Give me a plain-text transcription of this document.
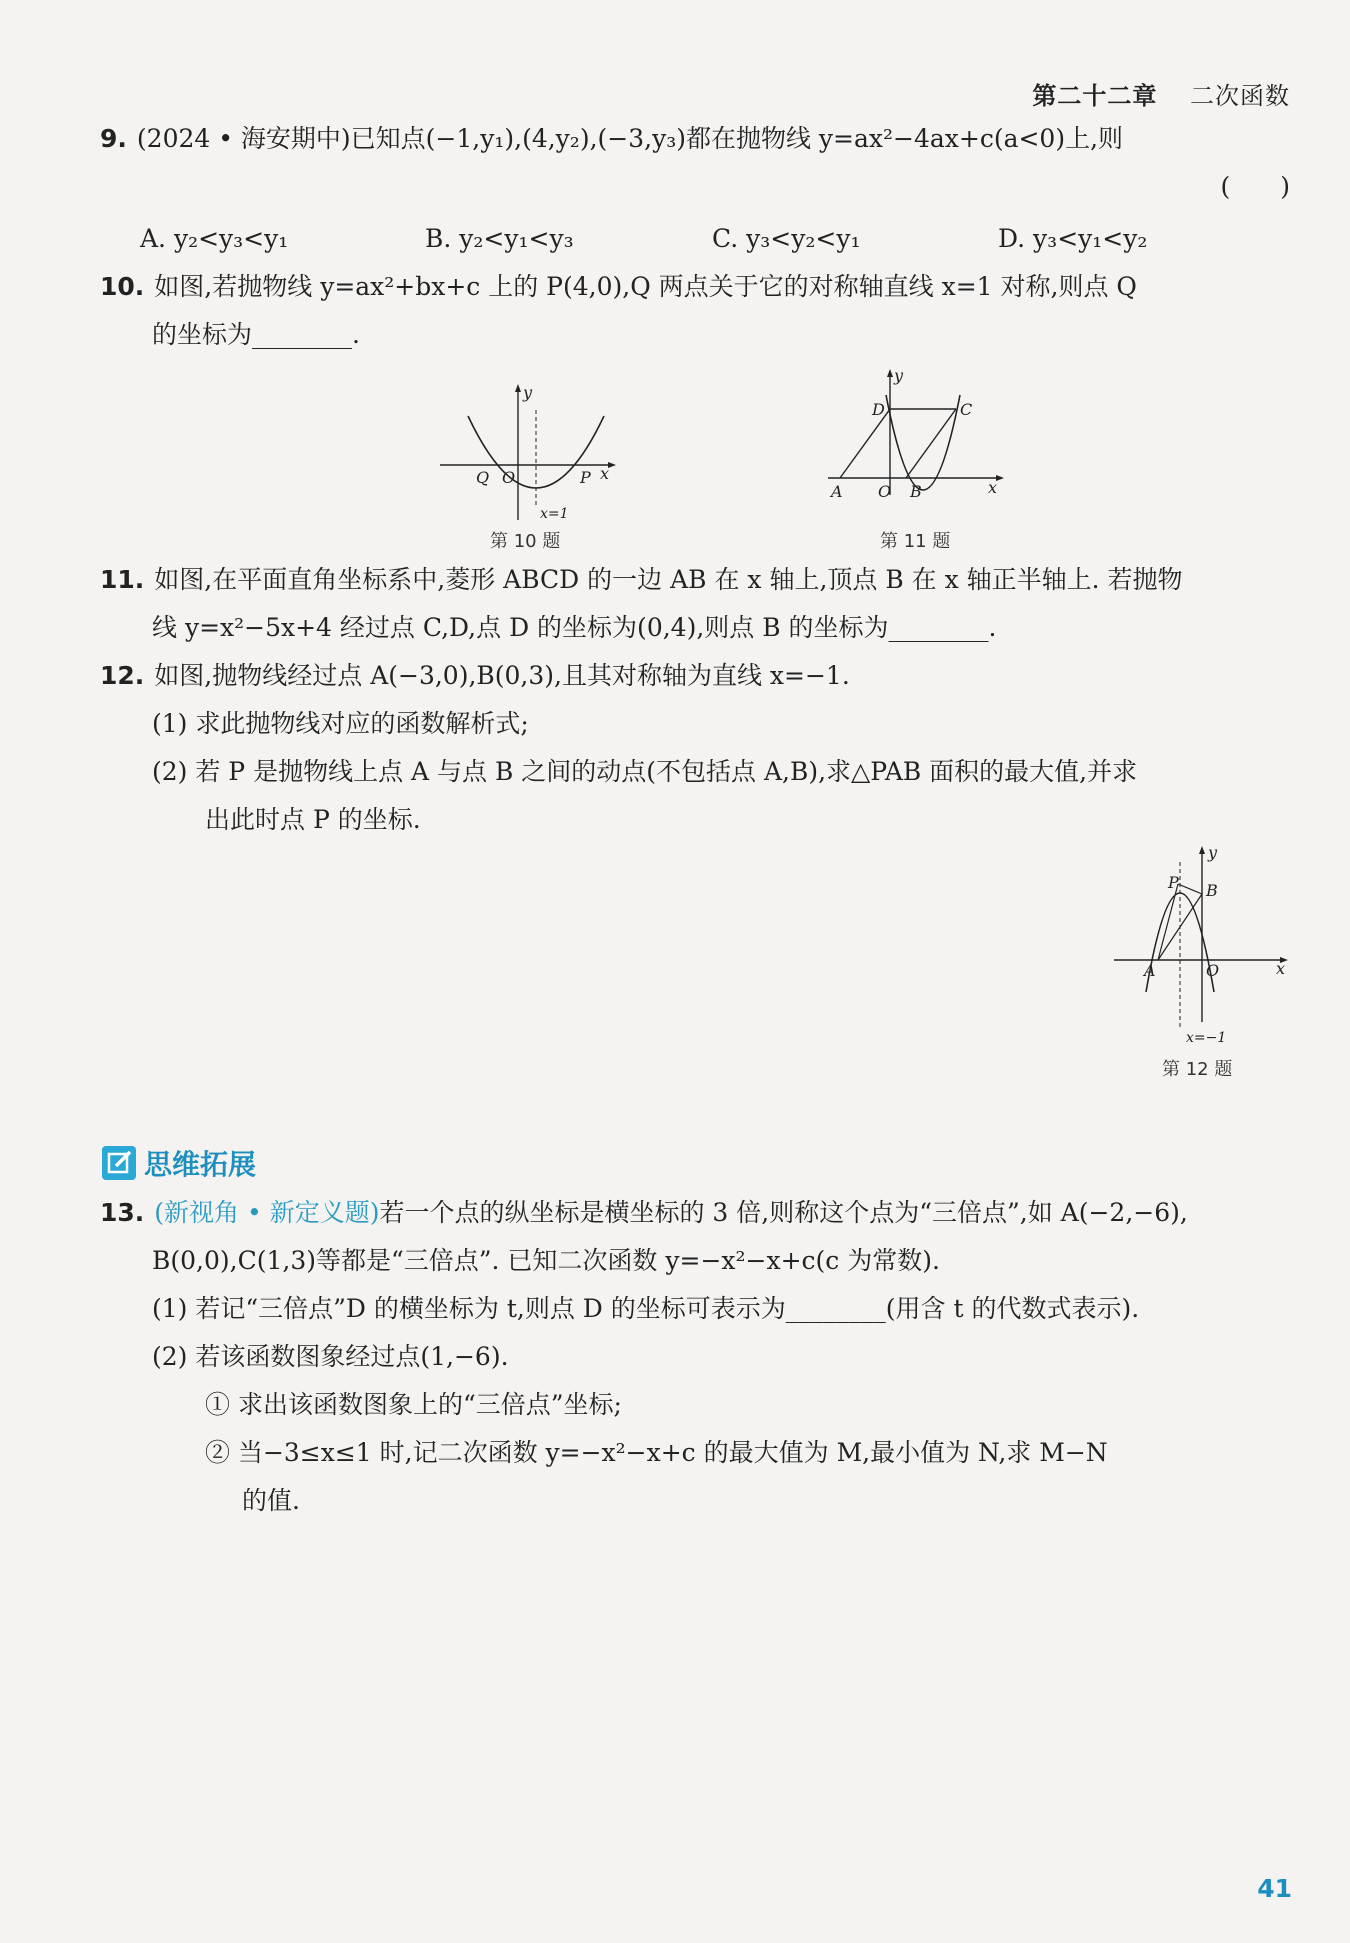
第二十二章 二次函数
9. (2024 • 海安期中)已知点(−1,y₁),(4,y₂),(−3,y₃)都在抛物线 y=ax²−4ax+c(a<0)上,则
(　　)
A. y₂<y₃<y₁	B. y₂<y₁<y₃	C. y₃<y₂<y₁	D. y₃<y₁<y₂
10. 如图,若抛物线 y=ax²+bx+c 上的 P(4,0),Q 两点关于它的对称轴直线 x=1 对称,则点 Q
的坐标为________.
y
x
Q O	P
x=1
第 10 题
y
x
A O B
C
D
第 11 题
11. 如图,在平面直角坐标系中,菱形 ABCD 的一边 AB 在 x 轴上,顶点 B 在 x 轴正半轴上. 若抛物
线 y=x²−5x+4 经过点 C,D,点 D 的坐标为(0,4),则点 B 的坐标为________.
12. 如图,抛物线经过点 A(−3,0),B(0,3),且其对称轴为直线 x=−1.
(1) 求此抛物线对应的函数解析式;
(2) 若 P 是抛物线上点 A 与点 B 之间的动点(不包括点 A,B),求△PAB 面积的最大值,并求
出此时点 P 的坐标.
y
x
A	O
B
P
x=−1
第 12 题
思维拓展
13. (新视角 • 新定义题)若一个点的纵坐标是横坐标的 3 倍,则称这个点为“三倍点”,如 A(−2,−6),
B(0,0),C(1,3)等都是“三倍点”. 已知二次函数 y=−x²−x+c(c 为常数).
(1) 若记“三倍点”D 的横坐标为 t,则点 D 的坐标可表示为________(用含 t 的代数式表示).
(2) 若该函数图象经过点(1,−6).
① 求出该函数图象上的“三倍点”坐标;
② 当−3≤x≤1 时,记二次函数 y=−x²−x+c 的最大值为 M,最小值为 N,求 M−N
的值.
41
